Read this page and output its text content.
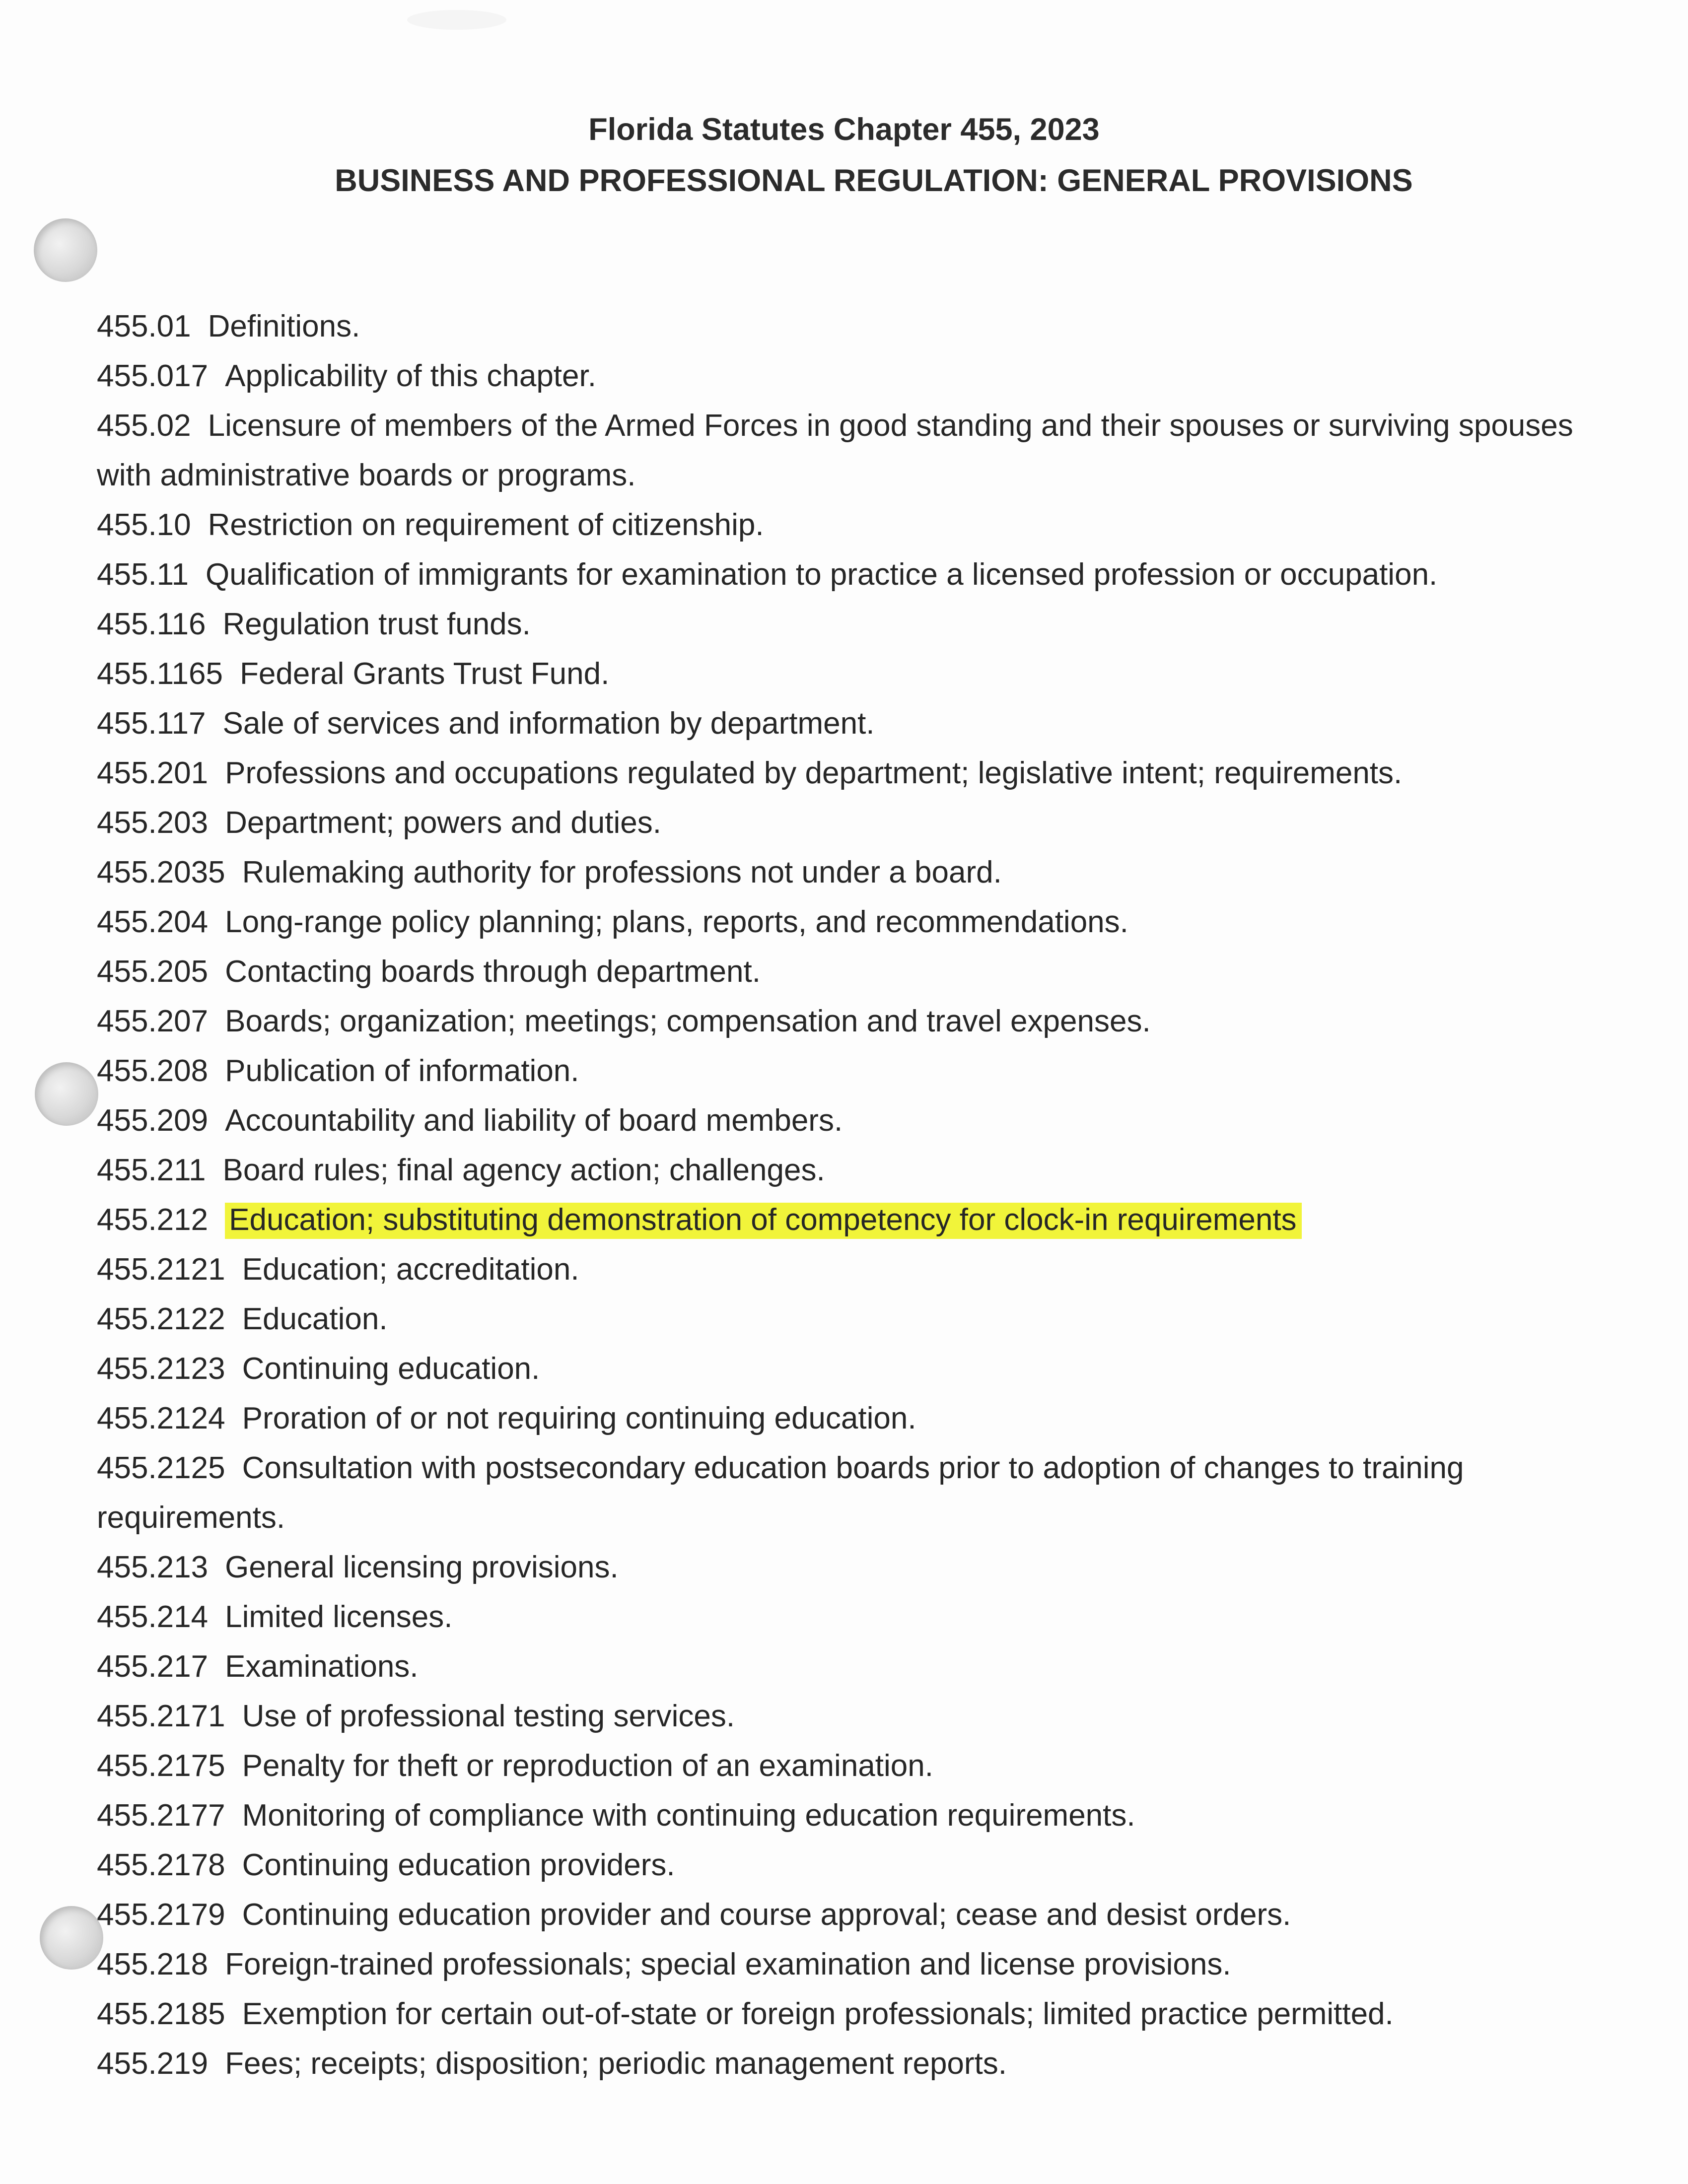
Florida Statutes Chapter 455, 2023
BUSINESS AND PROFESSIONAL REGULATION: GENERAL PROVISIONS
455.01 Definitions.
455.017 Applicability of this chapter.
455.02 Licensure of members of the Armed Forces in good standing and their spouses or surviving spouses with administrative boards or programs.
455.10 Restriction on requirement of citizenship.
455.11 Qualification of immigrants for examination to practice a licensed profession or occupation.
455.116 Regulation trust funds.
455.1165 Federal Grants Trust Fund.
455.117 Sale of services and information by department.
455.201 Professions and occupations regulated by department; legislative intent; requirements.
455.203 Department; powers and duties.
455.2035 Rulemaking authority for professions not under a board.
455.204 Long-range policy planning; plans, reports, and recommendations.
455.205 Contacting boards through department.
455.207 Boards; organization; meetings; compensation and travel expenses.
455.208 Publication of information.
455.209 Accountability and liability of board members.
455.211 Board rules; final agency action; challenges.
455.212 Education; substituting demonstration of competency for clock-in requirements
455.2121 Education; accreditation.
455.2122 Education.
455.2123 Continuing education.
455.2124 Proration of or not requiring continuing education.
455.2125 Consultation with postsecondary education boards prior to adoption of changes to training requirements.
455.213 General licensing provisions.
455.214 Limited licenses.
455.217 Examinations.
455.2171 Use of professional testing services.
455.2175 Penalty for theft or reproduction of an examination.
455.2177 Monitoring of compliance with continuing education requirements.
455.2178 Continuing education providers.
455.2179 Continuing education provider and course approval; cease and desist orders.
455.218 Foreign-trained professionals; special examination and license provisions.
455.2185 Exemption for certain out-of-state or foreign professionals; limited practice permitted.
455.219 Fees; receipts; disposition; periodic management reports.
